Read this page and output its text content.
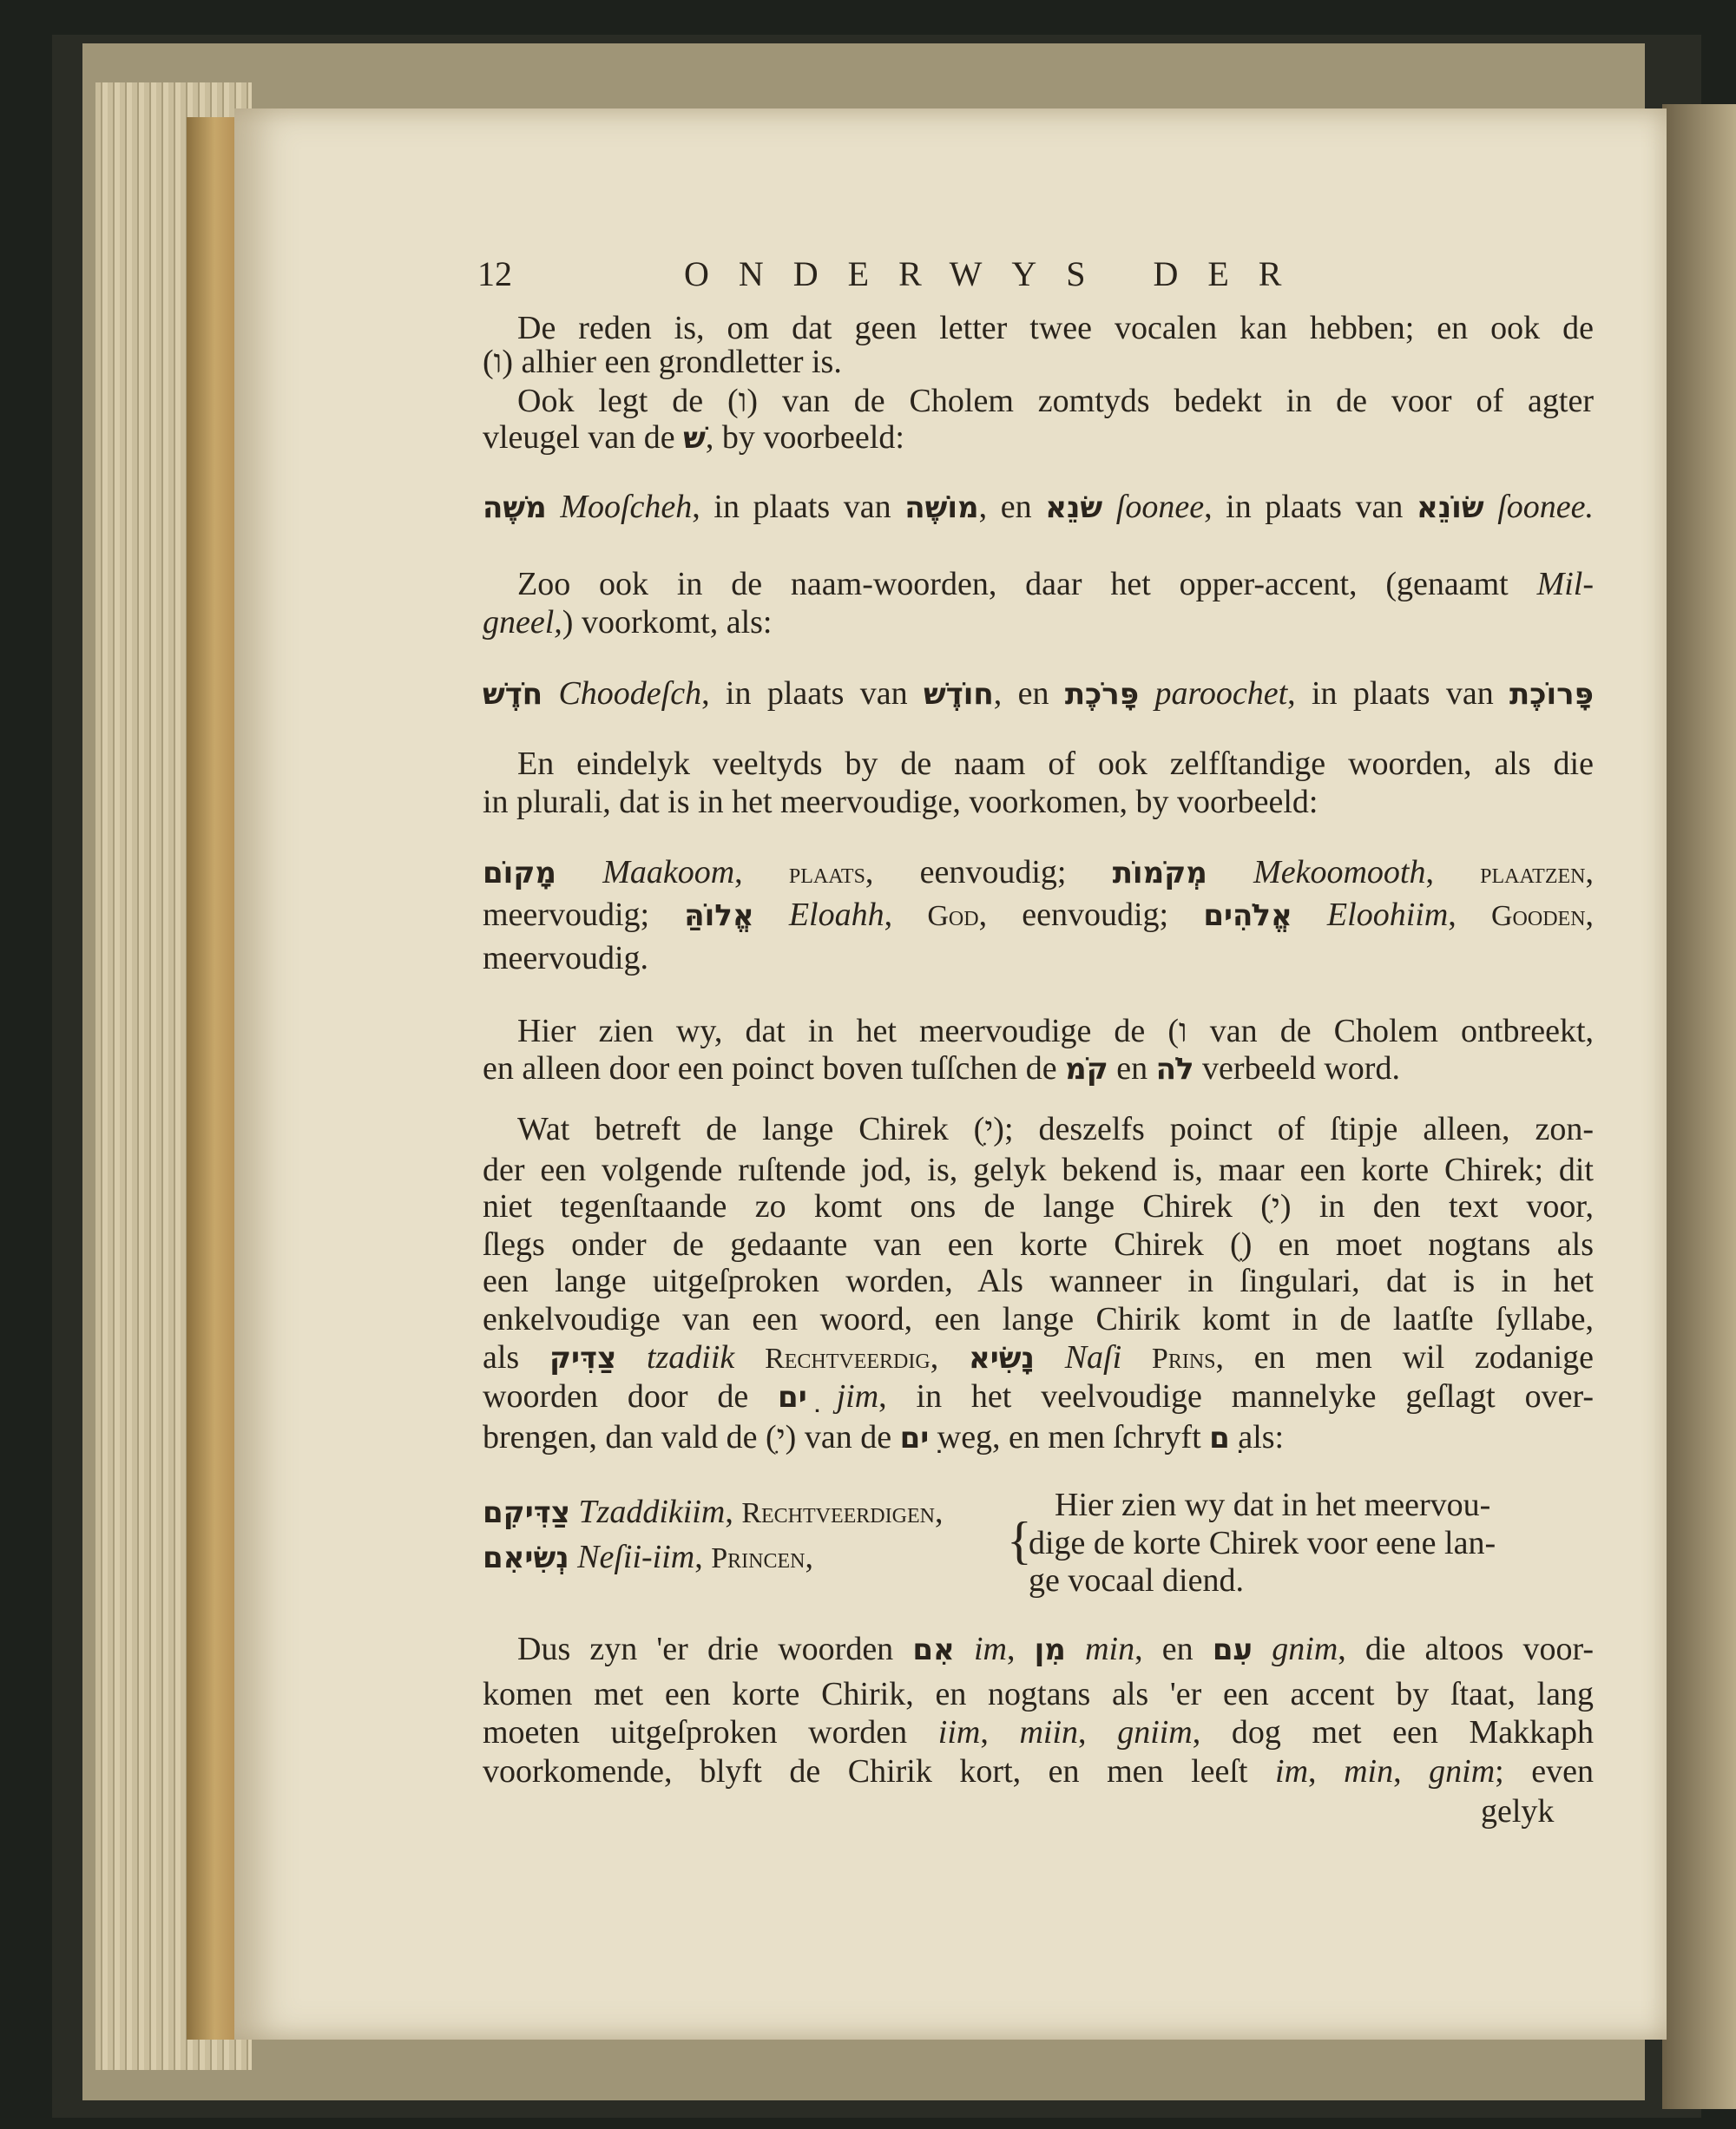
12	ONDERWYS DER
De reden is, om dat geen letter twee vocalen kan hebben; en ook de
(ו) alhier een grondletter is.
Ook legt de (ו) van de Cholem zomtyds bedekt in de voor of agter
vleugel van de שׁ, by voorbeeld:
משֶׁה Mooſcheh, in plaats van מוֹשֶׁה, en שׂנֵא ſoonee, in plaats van שׂוֹנֵא ſoonee.
Zoo ook in de naam-woorden, daar het opper-accent, (genaamt Mil-
gneel,) voorkomt, als:
חֹדֶשׁ Choodeſch, in plaats van חוֹדֶשׁ, en פָּרֹכֶת paroochet, in plaats van פָּרוֹכֶת
En eindelyk veeltyds by de naam of ook zelfſtandige woorden, als die
in plurali, dat is in het meervoudige, voorkomen, by voorbeeld:
מָקוֹם Maakoom, plaats, eenvoudig; מְקֹמוֹת Mekoomooth, plaatzen,
meervoudig; אֱלוֹהַּ Eloahh, God, eenvoudig; אֱלֹהִים Eloohiim, Gooden,
meervoudig.
Hier zien wy, dat in het meervoudige de (ו van de Cholem ontbreekt,
en alleen door een poinct boven tuſſchen de קֹמ en לֹה verbeeld word.
Wat betreft de lange Chirek (ִי); deszelfs poinct of ſtipje alleen, zon-
der een volgende ruſtende jod, is, gelyk bekend is, maar een korte Chirek; dit
niet tegenſtaande zo komt ons de lange Chirek (ִי) in den text voor,
ſlegs onder de gedaante van een korte Chirek (ִ) en moet nogtans als
een lange uitgeſproken worden, Als wanneer in ſingulari, dat is in het
enkelvoudige van een woord, een lange Chirik komt in de laatſte ſyllabe,
als צַדִּיק tzadiik Rechtveerdig, נָשִׂיא Naſi Prins, en men wil zodanige
woorden door de ִים jim, in het veelvoudige mannelyke geſlagt over-
brengen, dan vald de (ִי) van de ִים weg, en men ſchryft ִם als:
צַדִּיקִם Tzaddikiim, Rechtveerdigen,
נְשִׂיאִם Neſii-iim, Princen,
Dus zyn 'er drie woorden אִם im, מִן min, en עִם gnim, die altoos voor-
komen met een korte Chirik, en nogtans als 'er een accent by ſtaat, lang
moeten uitgeſproken worden iim, miin, gniim, dog met een Makkaph
voorkomende, blyft de Chirik kort, en men leeſt im, min, gnim; even
gelyk
{
Hier zien wy dat in het meervou-
dige de korte Chirek voor eene lan-
ge vocaal diend.
